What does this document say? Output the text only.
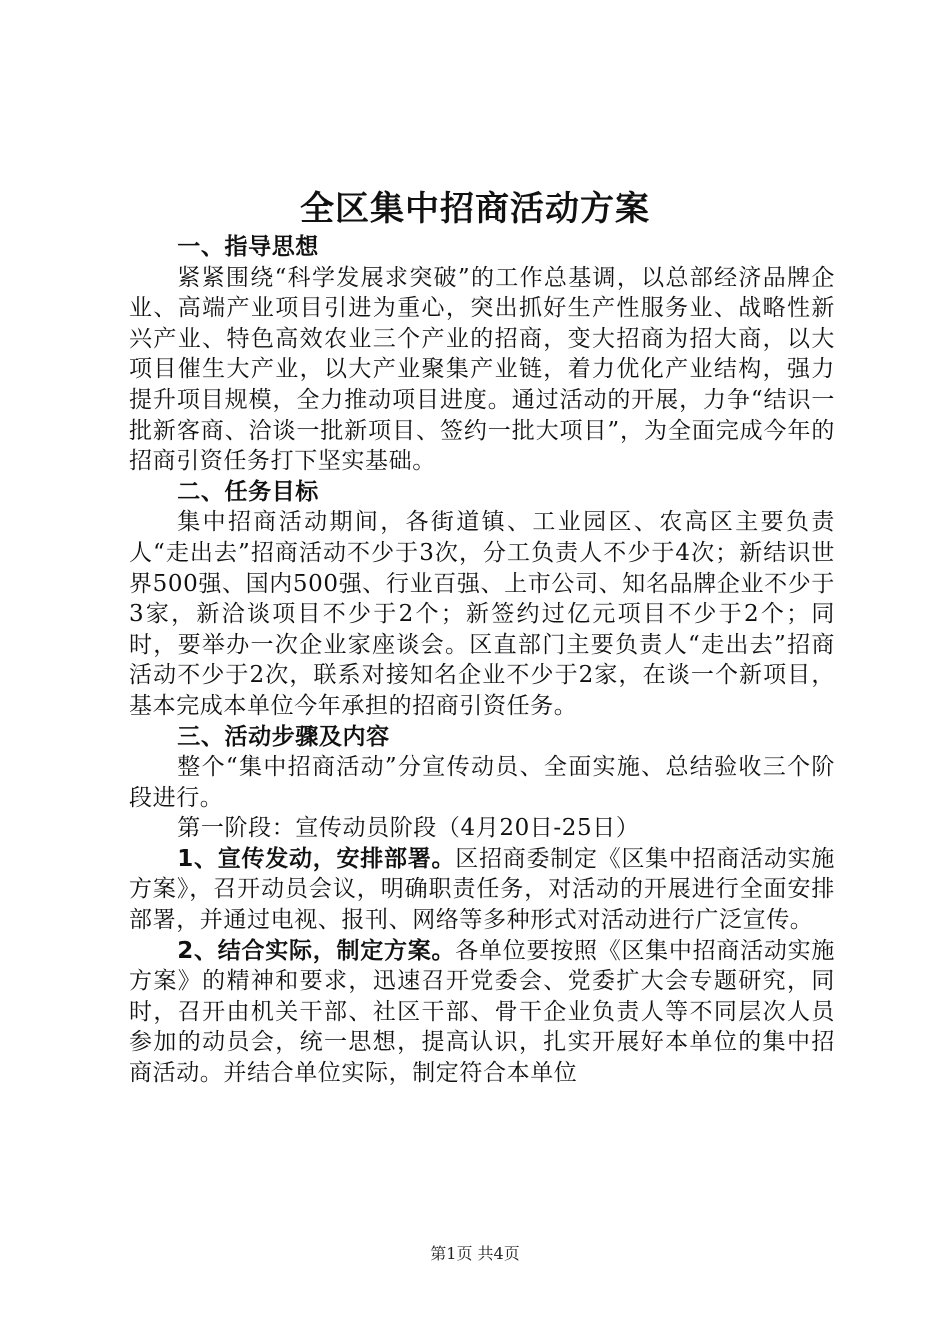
全区集中招商活动方案
一、指导思想

紧紧围绕“科学发展求突破”的工作总基调，以总部经济品牌企业、高端产业项目引进为重心，突出抓好生产性服务业、战略性新兴产业、特色高效农业三个产业的招商，变大招商为招大商，以大项目催生大产业，以大产业聚集产业链，着力优化产业结构，强力提升项目规模，全力推动项目进度。通过活动的开展，力争“结识一批新客商、洽谈一批新项目、签约一批大项目”，为全面完成今年的招商引资任务打下坚实基础。

二、任务目标

集中招商活动期间，各街道镇、工业园区、农高区主要负责人“走出去”招商活动不少于3次，分工负责人不少于4次；新结识世界500强、国内500强、行业百强、上市公司、知名品牌企业不少于3家，新洽谈项目不少于2个；新签约过亿元项目不少于2个；同时，要举办一次企业家座谈会。区直部门主要负责人“走出去”招商活动不少于2次，联系对接知名企业不少于2家，在谈一个新项目，基本完成本单位今年承担的招商引资任务。

三、活动步骤及内容

整个“集中招商活动”分宣传动员、全面实施、总结验收三个阶段进行。

第一阶段：宣传动员阶段（4月20日-25日）

1、宣传发动，安排部署。区招商委制定《区集中招商活动实施方案》，召开动员会议，明确职责任务，对活动的开展进行全面安排部署，并通过电视、报刊、网络等多种形式对活动进行广泛宣传。

2、结合实际，制定方案。各单位要按照《区集中招商活动实施方案》的精神和要求，迅速召开党委会、党委扩大会专题研究，同时，召开由机关干部、社区干部、骨干企业负责人等不同层次人员参加的动员会，统一思想，提高认识，扎实开展好本单位的集中招商活动。并结合单位实际，制定符合本单位

第1页 共4页
